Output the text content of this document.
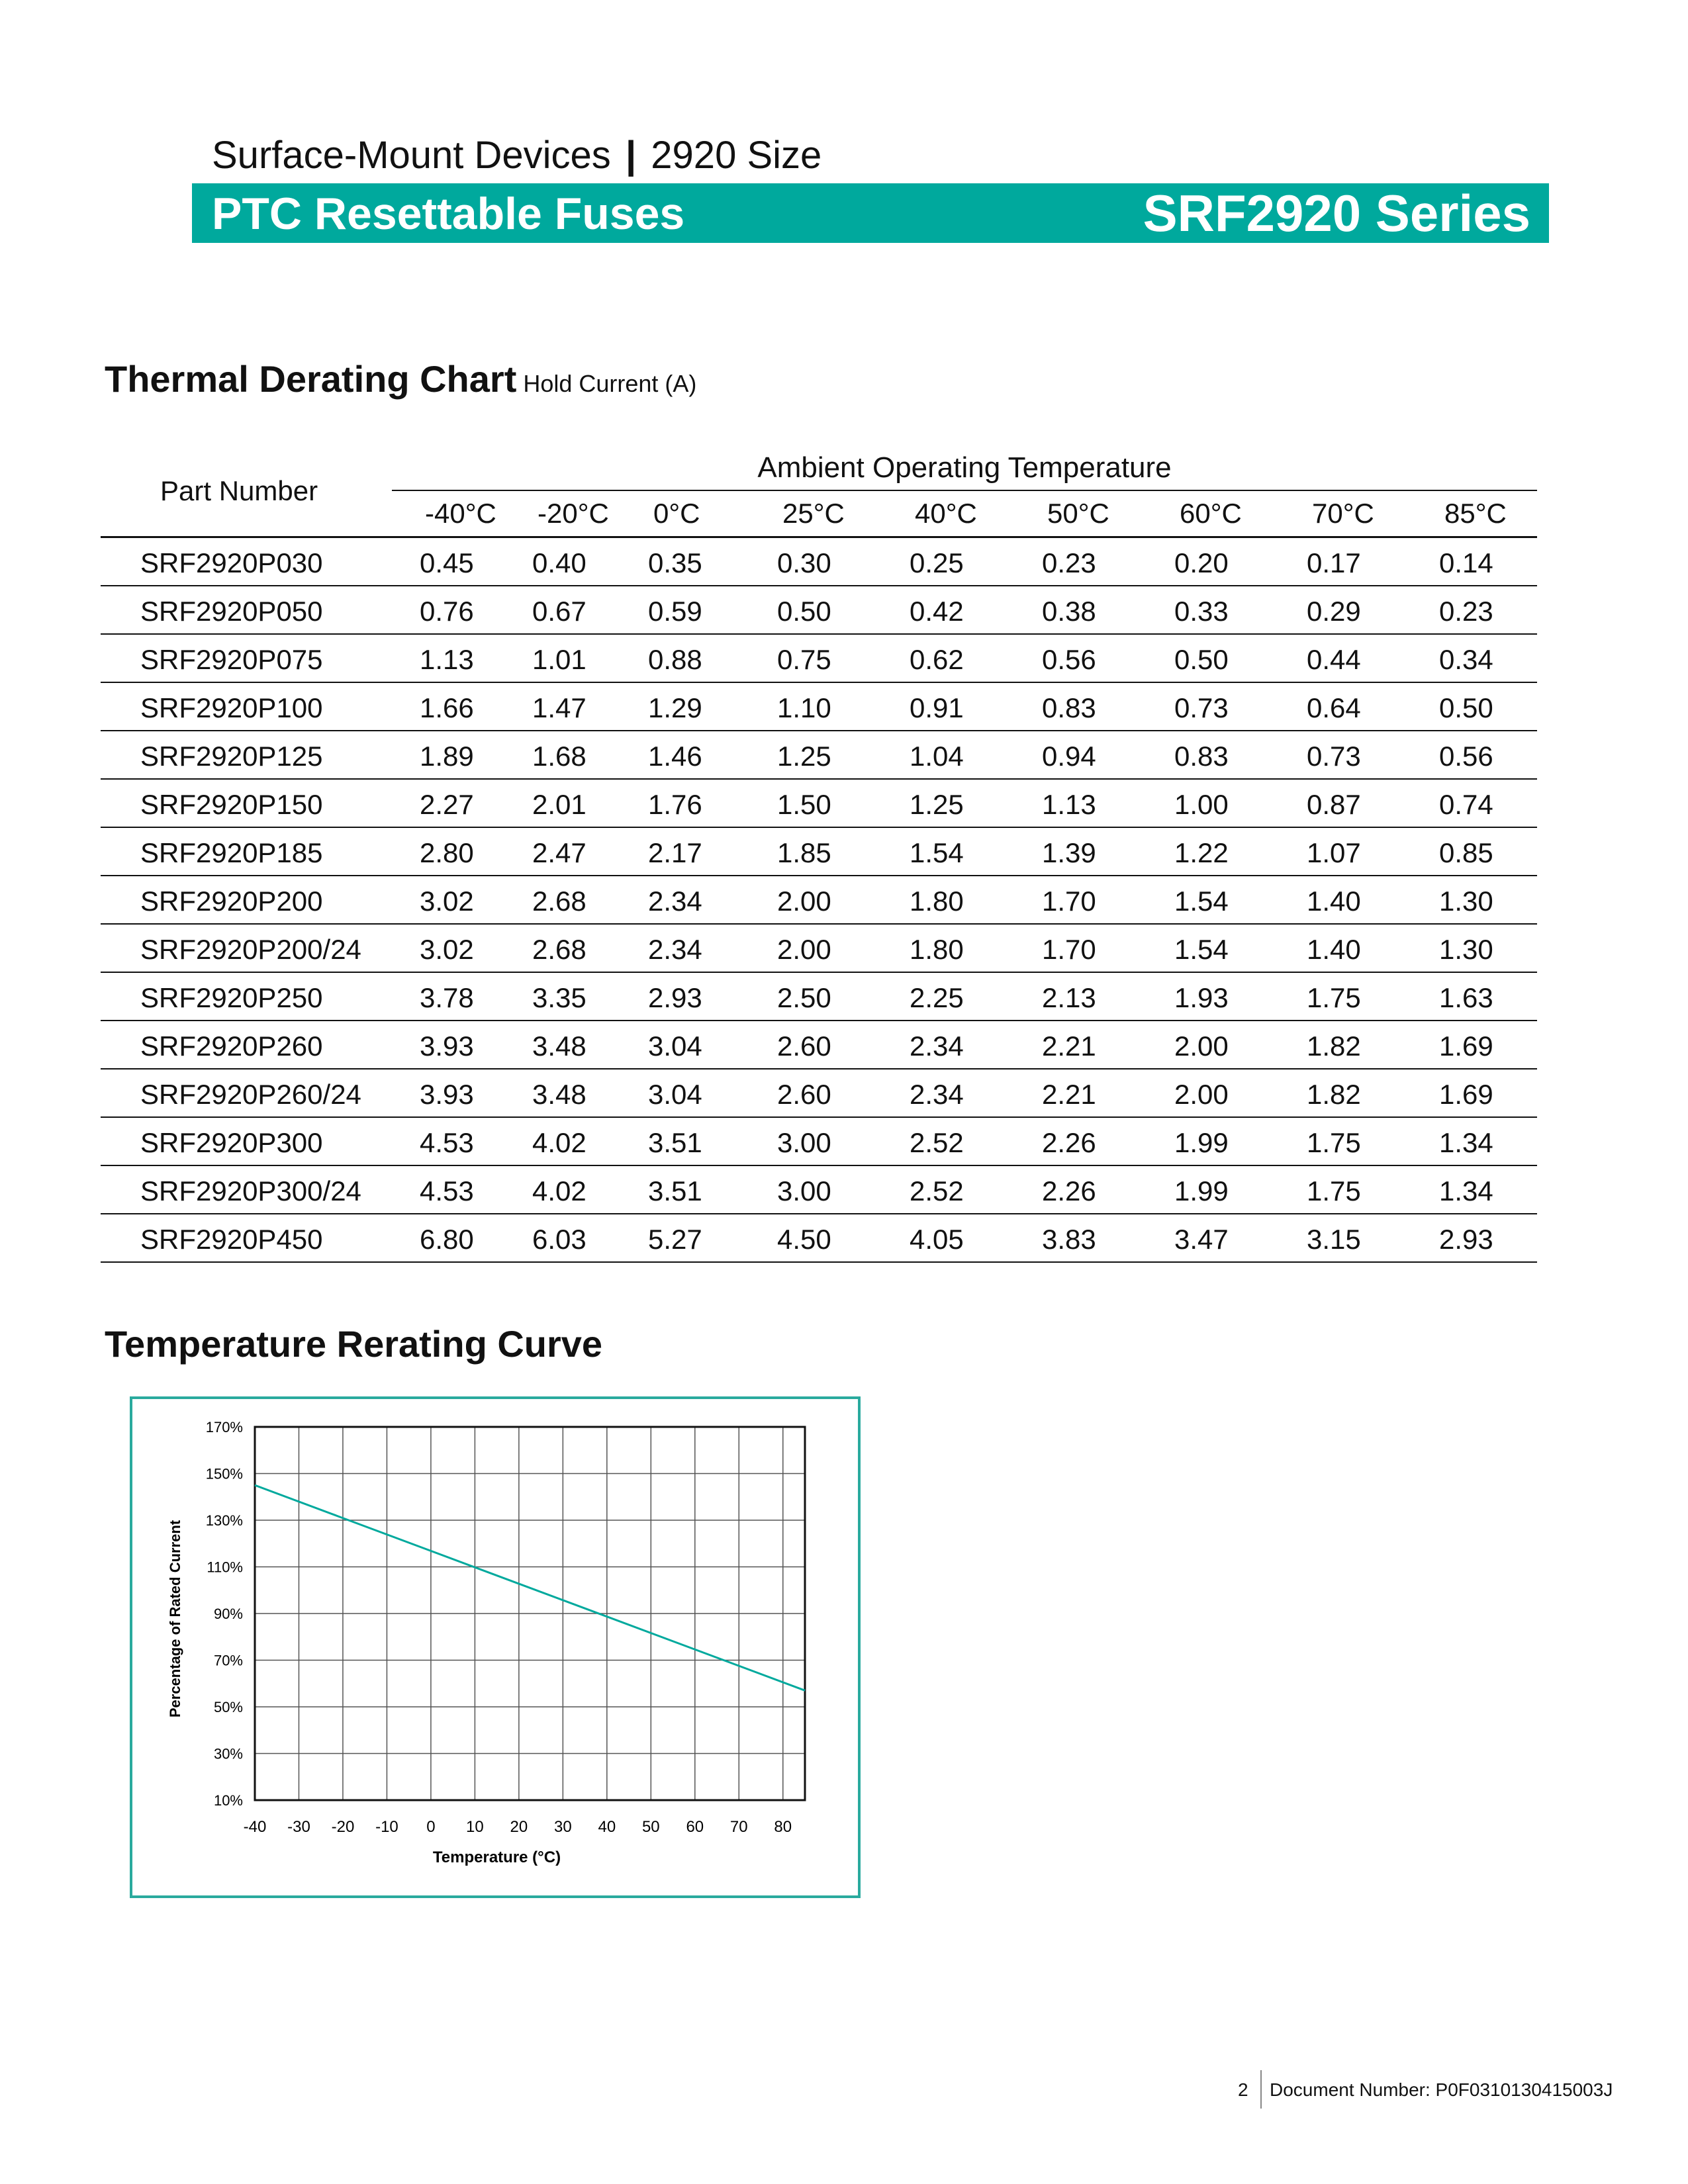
Surface-Mount Devices | 2920 Size
PTC Resettable Fuses	SRF2920 Series
Thermal Derating Chart Hold Current (A)
Part Number
Ambient Operating Temperature
-40°C -20°C 0°C	25°C	40°C	50°C	60°C	70°C	85°C
SRF2920P030	0.45 0.40 0.35	0.30	0.25	0.23	0.20	0.17	0.14
SRF2920P050	0.76 0.67 0.59	0.50	0.42	0.38	0.33	0.29	0.23
SRF2920P075	1.13 1.01 0.88	0.75	0.62	0.56	0.50	0.44	0.34
SRF2920P100	1.66 1.47 1.29	1.10	0.91	0.83	0.73	0.64	0.50
SRF2920P125	1.89 1.68 1.46	1.25	1.04	0.94	0.83	0.73	0.56
SRF2920P150	2.27 2.01 1.76	1.50	1.25	1.13	1.00	0.87	0.74
SRF2920P185	2.80 2.47 2.17	1.85	1.54	1.39	1.22	1.07	0.85
SRF2920P200	3.02 2.68 2.34	2.00	1.80	1.70	1.54	1.40	1.30
SRF2920P200/24 3.02 2.68 2.34	2.00	1.80	1.70	1.54	1.40	1.30
SRF2920P250	3.78 3.35 2.93	2.50	2.25	2.13	1.93	1.75	1.63
SRF2920P260	3.93 3.48 3.04	2.60	2.34	2.21	2.00	1.82	1.69
SRF2920P260/24 3.93 3.48 3.04	2.60	2.34	2.21	2.00	1.82	1.69
SRF2920P300	4.53 4.02 3.51	3.00	2.52	2.26	1.99	1.75	1.34
SRF2920P300/24 4.53 4.02 3.51	3.00	2.52	2.26	1.99	1.75	1.34
SRF2920P450	6.80 6.03 5.27	4.50	4.05	3.83	3.47	3.15	2.93
Temperature Rerating Curve
10%
30%
50%
70%
90%
110%
130%
150%
170%
-40 -30 -20 -10 0 10 20 30 40 50 60 70 80
Temperature (°C)
Percentage of Rated Current
2 Document Number: P0F0310130415003J
